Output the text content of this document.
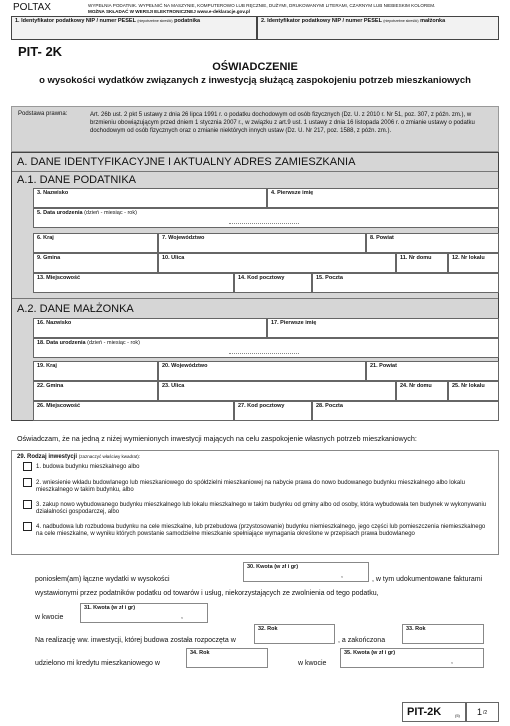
POLTAX	WYPEŁNIA PODATNIK. WYPEŁNIĆ NA MASZYNIE, KOMPUTEROWO LUB RĘCZNIE, DUŻYMI, DRUKOWANYMI LITERAMI, CZARNYM LUB NIEBIESKIM KOLOREM.
MOŻNA SKŁADAĆ W WERSJI ELEKTRONICZNEJ www.e-deklaracje.gov.pl
1. Identyfikator podatkowy NIP / numer PESEL (niepotrzebne skreślić) podatnika	2. Identyfikator podatkowy NIP / numer PESEL (niepotrzebne skreślić) małżonka
PIT- 2K
OŚWIADCZENIE
o wysokości wydatków związanych z inwestycją służącą zaspokojeniu potrzeb mieszkaniowych
Podstawa prawna:	Art. 26b ust. 2 pkt 5 ustawy z dnia 26 lipca 1991 r. o podatku dochodowym od osób fizycznych (Dz. U. z 2010 r. Nr 51, poz. 307, z późn. zm.), w brzmieniu obowiązującym przed dniem 1 stycznia 2007 r., w związku z art.9 ust. 1 ustawy z dnia 16 listopada 2006 r. o zmianie ustawy o podatku dochodowym od osób fizycznych oraz o zmianie niektórych innych ustaw (Dz. U. Nr 217, poz. 1588, z późn. zm.).
A. DANE IDENTYFIKACYJNE I AKTUALNY ADRES ZAMIESZKANIA
A.1. DANE PODATNIKA
3. Nazwisko	4. Pierwsze imię
5. Data urodzenia (dzień - miesiąc - rok)
6. Kraj	7. Województwo	8. Powiat
9. Gmina	10. Ulica	11. Nr domu	12. Nr lokalu
13. Miejscowość	14. Kod pocztowy	15. Poczta
A.2. DANE MAŁŻONKA
16. Nazwisko	17. Pierwsze imię
18. Data urodzenia (dzień - miesiąc - rok)
19. Kraj	20. Województwo	21. Powiat
22. Gmina	23. Ulica	24. Nr domu	25. Nr lokalu
26. Miejscowość	27. Kod pocztowy	28. Poczta
Oświadczam, że na jedną z niżej wymienionych inwestycji mających na celu zaspokojenie własnych potrzeb mieszkaniowych:
29. Rodzaj inwestycji (zaznaczyć właściwy kwadrat):
1. budowa budynku mieszkalnego albo
2. wniesienie wkładu budowlanego lub mieszkaniowego do spółdzielni mieszkaniowej na nabycie prawa do nowo budowanego budynku mieszkalnego albo lokalu mieszkalnego w takim budynku, albo
3. zakup nowo wybudowanego budynku mieszkalnego lub lokalu mieszkalnego w takim budynku od gminy albo od osoby, która wybudowała ten budynek w wykonywaniu działalności gospodarczej, albo
4. nadbudowa lub rozbudowa budynku na cele mieszkalne, lub przebudowa (przystosowanie) budynku niemieszkalnego, jego części lub pomieszczenia niemieszkalnego na cele mieszkalne, w wyniku których powstanie samodzielne mieszkanie spełniające wymagania określone w przepisach prawa budowlanego
poniosłem(am) łączne wydatki w wysokości
30. Kwota (w zł i gr)
,
, w tym udokumentowane fakturami
wystawionymi przez podatników podatku od towarów i usług, niekorzystających ze zwolnienia od tego podatku,
w kwocie
31. Kwota (w zł i gr)
,
Na realizację ww. inwestycji, której budowa została rozpoczęta w
32. Rok
, a zakończona
33. Rok
udzielono mi kredytu mieszkaniowego w
34. Rok
w kwocie
35. Kwota (w zł i gr)
,
PIT-2K	(5) 1 /2
